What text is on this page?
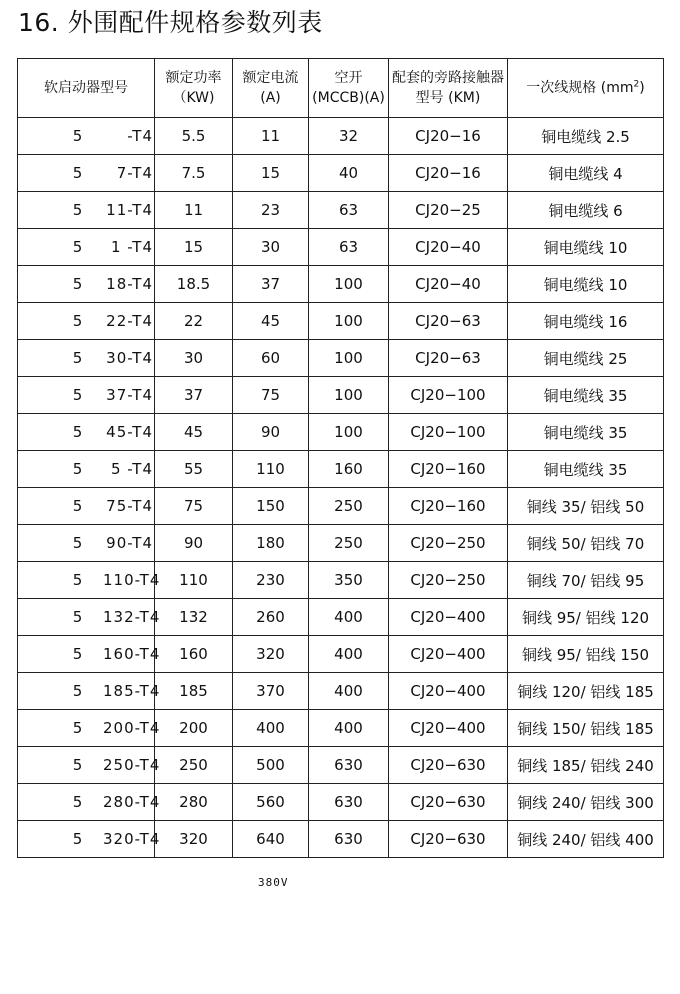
16. 外围配件规格参数列表
软启动器型号	额定功率（KW)	额定电流(A)	空开(MCCB)(A)	配套的旁路接触器型号 (KM)	一次线规格 $(mm^2)$
5 -T4	5.5	11	32	CJ20−16	铜电缆线 2.5
5 7-T4	7.5	15	40	CJ20−16	铜电缆线 4
5 11-T4	11	23	63	CJ20−25	铜电缆线 6
5 1 -T4	15	30	63	CJ20−40	铜电缆线 10
5 18-T4	18.5	37	100	CJ20−40	铜电缆线 10
5 22-T4	22	45	100	CJ20−63	铜电缆线 16
5 30-T4	30	60	100	CJ20−63	铜电缆线 25
5 37-T4	37	75	100	CJ20−100	铜电缆线 35
5 45-T4	45	90	100	CJ20−100	铜电缆线 35
5 5 -T4	55	110	160	CJ20−160	铜电缆线 35
5 75-T4	75	150	250	CJ20−160	铜线 35/ 铝线 50
5 90-T4	90	180	250	CJ20−250	铜线 50/ 铝线 70
5 110-T4	110	230	350	CJ20−250	铜线 70/ 铝线 95
5 132-T4	132	260	400	CJ20−400	铜线 95/ 铝线 120
5 160-T4	160	320	400	CJ20−400	铜线 95/ 铝线 150
5 185-T4	185	370	400	CJ20−400	铜线 120/ 铝线 185
5 200-T4	200	400	400	CJ20−400	铜线 150/ 铝线 185
5 250-T4	250	500	630	CJ20−630	铜线 185/ 铝线 240
5 280-T4	280	560	630	CJ20−630	铜线 240/ 铝线 300
5 320-T4	320	640	630	CJ20−630	铜线 240/ 铝线 400
380V
